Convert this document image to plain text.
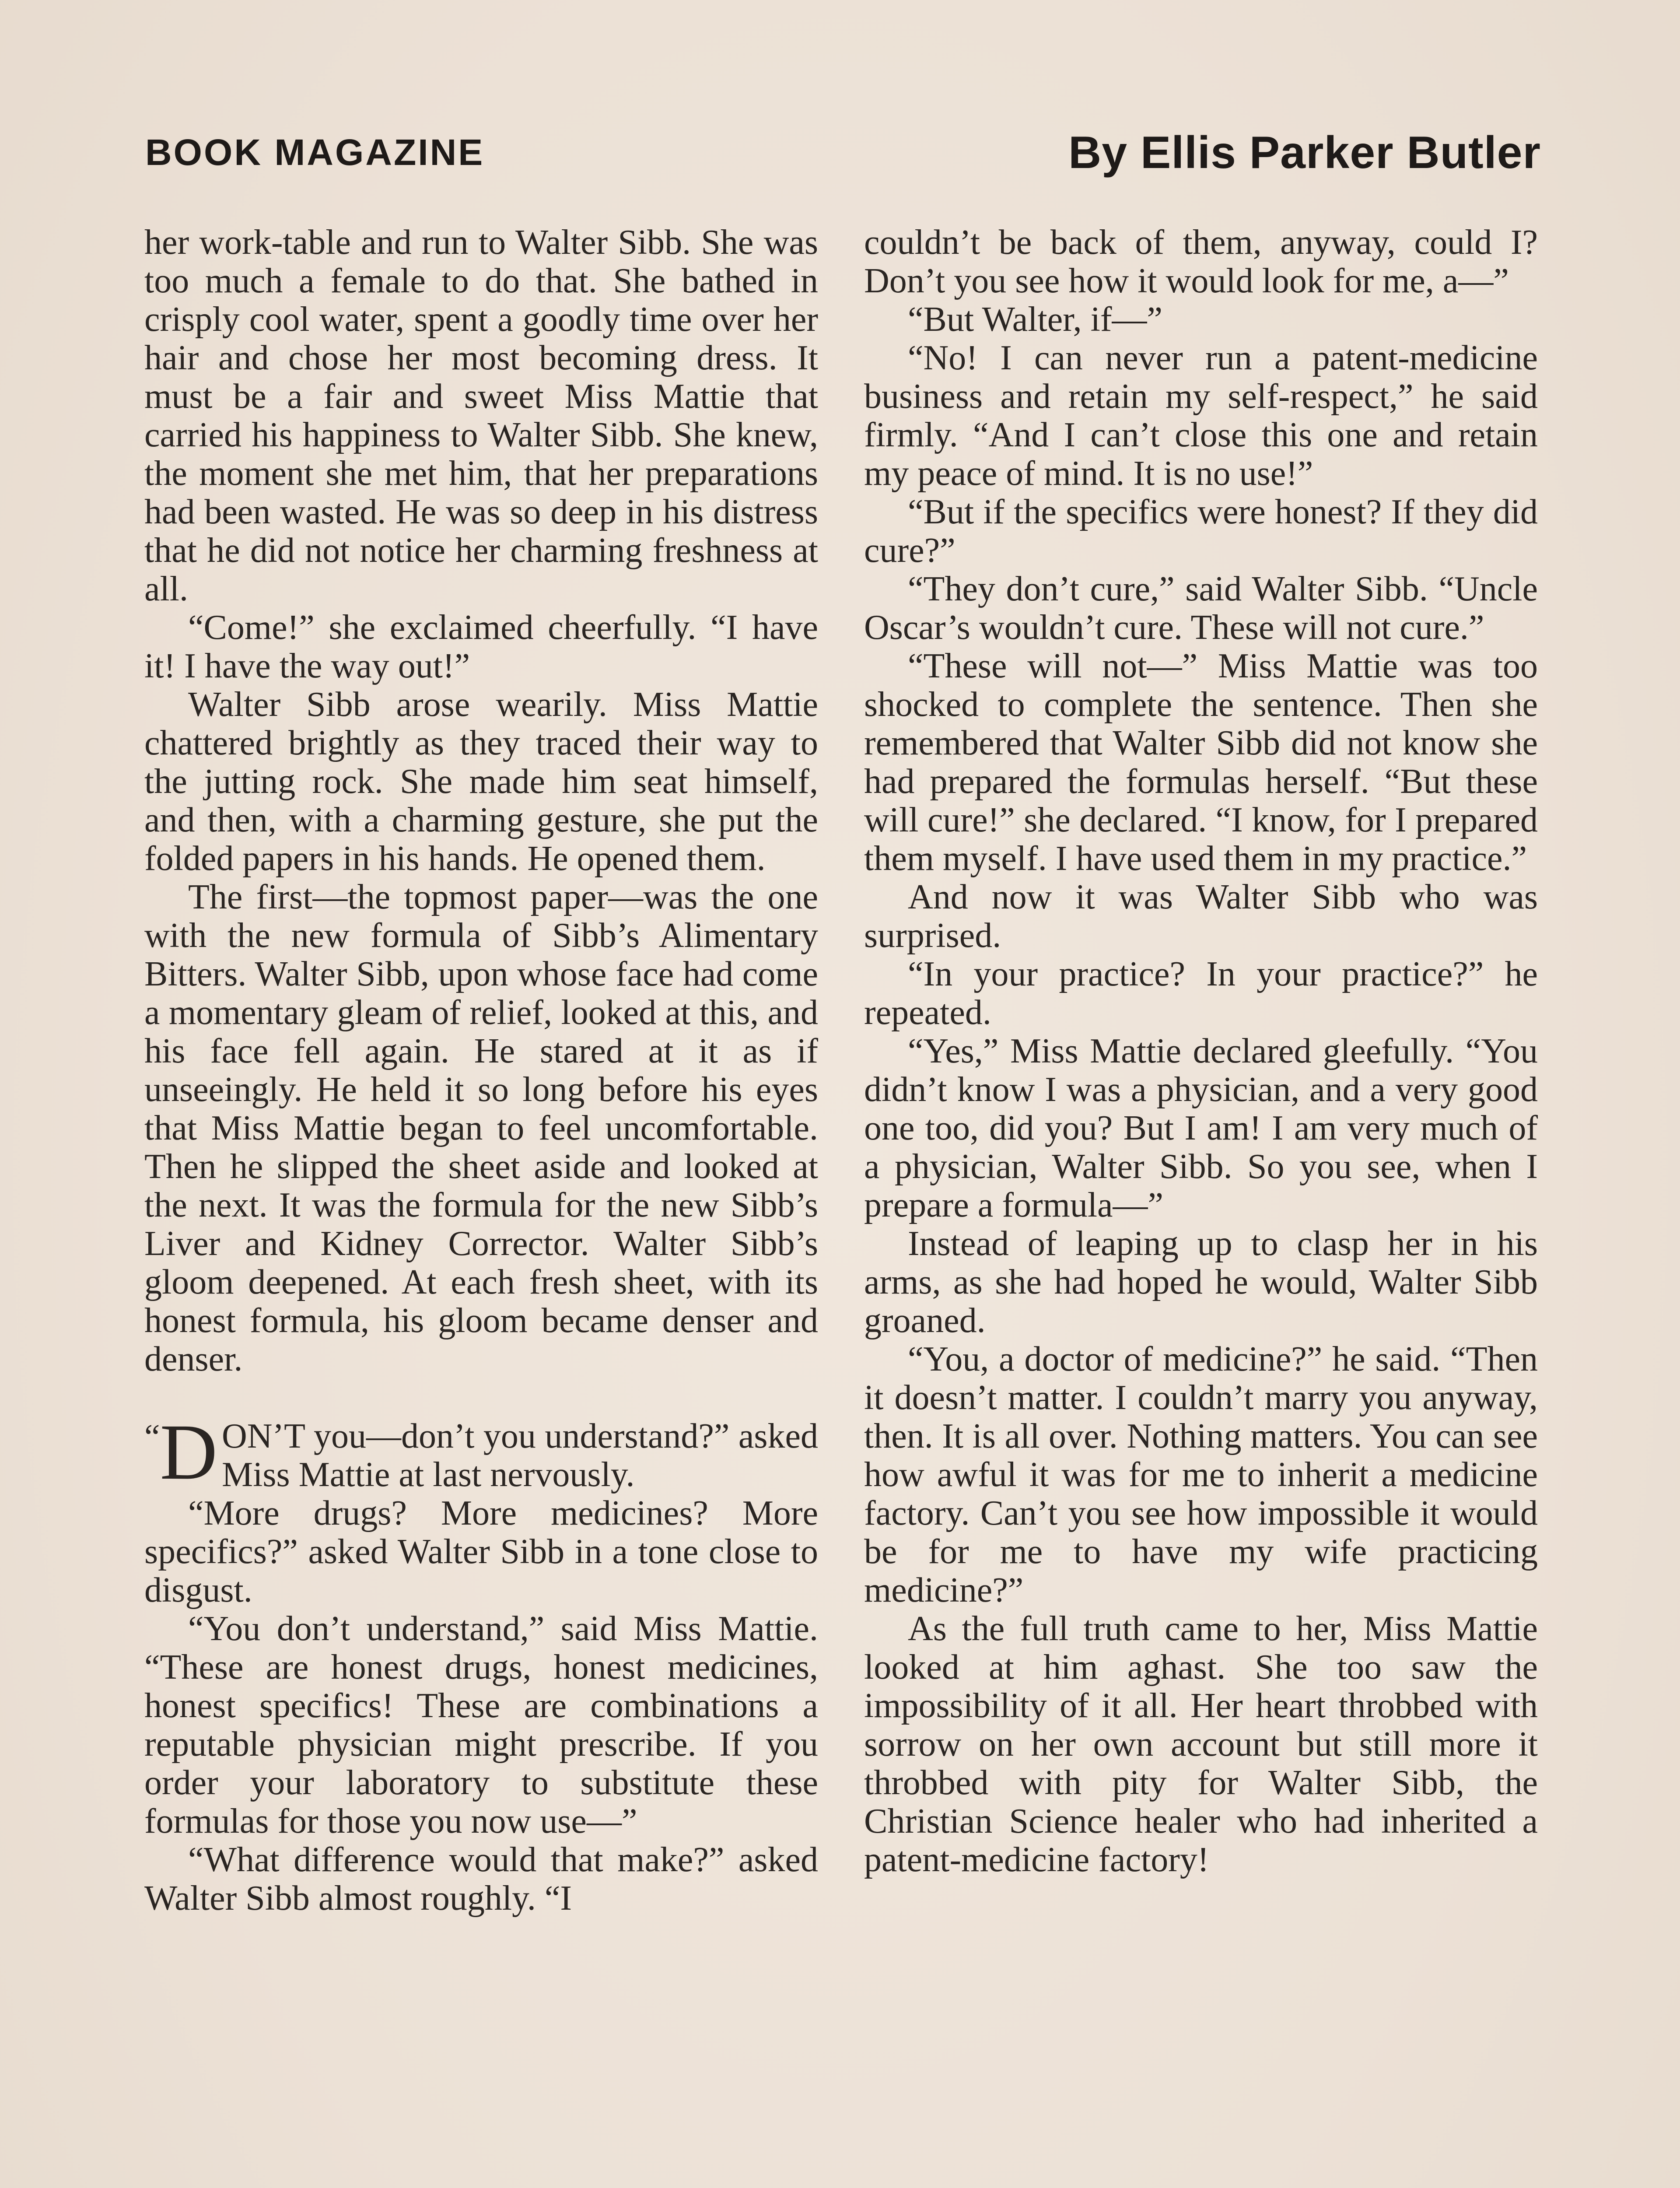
BOOK MAGAZINE	By Ellis Parker Butler

her work-table and run to Walter Sibb. She was too much a female to do that. She bathed in crisply cool water, spent a goodly time over her hair and chose her most becoming dress. It must be a fair and sweet Miss Mattie that carried his happiness to Walter Sibb. She knew, the moment she met him, that her preparations had been wasted. He was so deep in his distress that he did not notice her charming freshness at all.

“Come!” she exclaimed cheerfully. “I have it! I have the way out!”

Walter Sibb arose wearily. Miss Mattie chattered brightly as they traced their way to the jutting rock. She made him seat himself, and then, with a charming gesture, she put the folded papers in his hands. He opened them.

The first—the topmost paper—was the one with the new formula of Sibb’s Alimentary Bitters. Walter Sibb, upon whose face had come a momentary gleam of relief, looked at this, and his face fell again. He stared at it as if unseeingly. He held it so long before his eyes that Miss Mattie began to feel uncomfortable. Then he slipped the sheet aside and looked at the next. It was the formula for the new Sibb’s Liver and Kidney Corrector. Walter Sibb’s gloom deepened. At each fresh sheet, with its honest formula, his gloom became denser and denser.

“D ON’T you—don’t you understand?” asked Miss Mattie at last nervously.

“More drugs? More medicines? More specifics?” asked Walter Sibb in a tone close to disgust.

“You don’t understand,” said Miss Mattie. “These are honest drugs, honest medicines, honest specifics! These are combinations a reputable physician might prescribe. If you order your laboratory to substitute these formulas for those you now use—”

“What difference would that make?” asked Walter Sibb almost roughly. “I

couldn’t be back of them, anyway, could I? Don’t you see how it would look for me, a—”

“But Walter, if—”

“No! I can never run a patent-medicine business and retain my self-respect,” he said firmly. “And I can’t close this one and retain my peace of mind. It is no use!”

“But if the specifics were honest? If they did cure?”

“They don’t cure,” said Walter Sibb. “Uncle Oscar’s wouldn’t cure. These will not cure.”

“These will not—” Miss Mattie was too shocked to complete the sentence. Then she remembered that Walter Sibb did not know she had prepared the formulas herself. “But these will cure!” she declared. “I know, for I prepared them myself. I have used them in my practice.”

And now it was Walter Sibb who was surprised.

“In your practice? In your practice?” he repeated.

“Yes,” Miss Mattie declared gleefully. “You didn’t know I was a physician, and a very good one too, did you? But I am! I am very much of a physician, Walter Sibb. So you see, when I prepare a formula—”

Instead of leaping up to clasp her in his arms, as she had hoped he would, Walter Sibb groaned.

“You, a doctor of medicine?” he said. “Then it doesn’t matter. I couldn’t marry you anyway, then. It is all over. Nothing matters. You can see how awful it was for me to inherit a medicine factory. Can’t you see how impossible it would be for me to have my wife practicing medicine?”

As the full truth came to her, Miss Mattie looked at him aghast. She too saw the impossibility of it all. Her heart throbbed with sorrow on her own account but still more it throbbed with pity for Walter Sibb, the Christian Science healer who had inherited a patent-medicine factory!
